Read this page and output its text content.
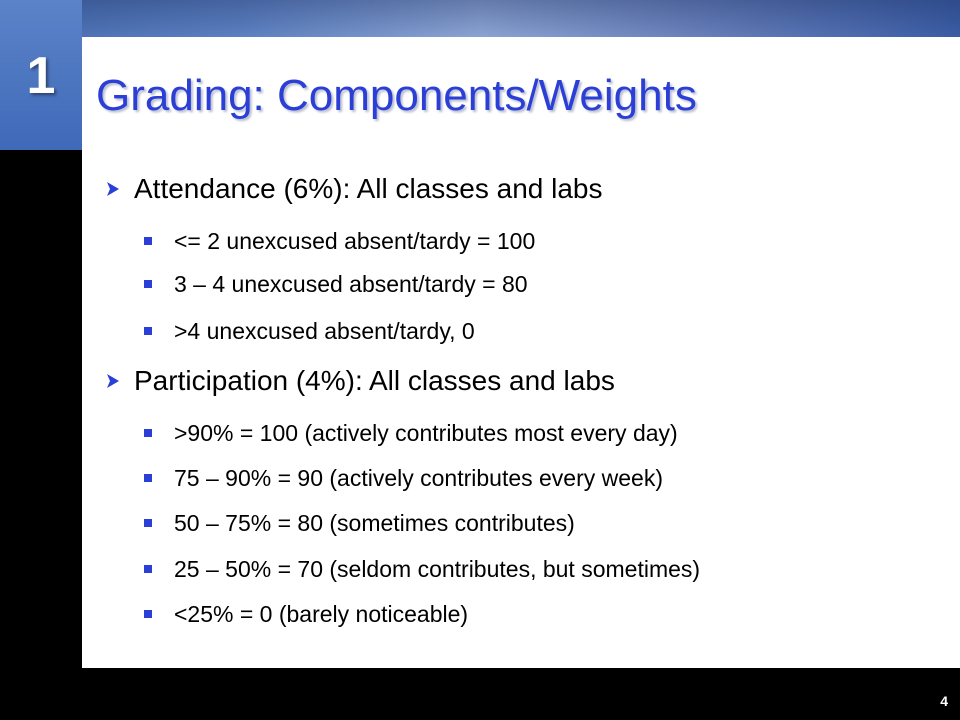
1 Grading: Components/Weights
Attendance (6%): All classes and labs
<= 2 unexcused absent/tardy = 100
3 – 4 unexcused absent/tardy = 80
>4 unexcused absent/tardy, 0
Participation (4%): All classes and labs
>90% = 100 (actively contributes most every day)
75 – 90% = 90 (actively contributes every week)
50 – 75% = 80 (sometimes contributes)
25 – 50% = 70 (seldom contributes, but sometimes)
<25% = 0 (barely noticeable)
4
